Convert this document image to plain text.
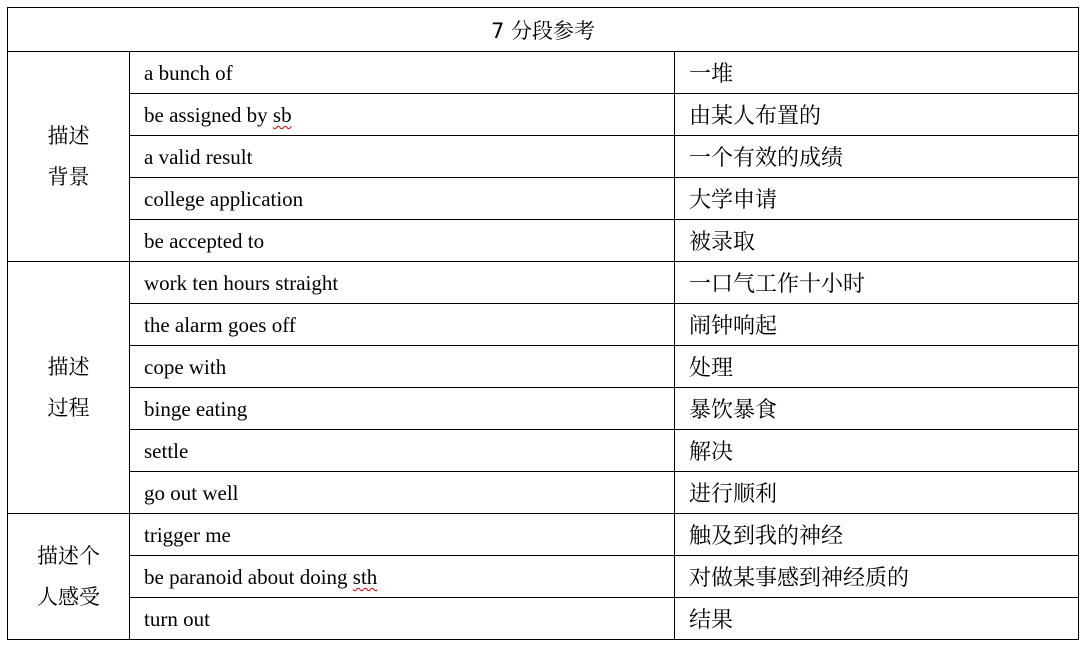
7 分段参考		

描述
背景	a bunch of	一堆
	be assigned by sb	由某人布置的
	a valid result	一个有效的成绩
	college application	大学申请
	be accepted to	被录取

描述
过程	work ten hours straight	一口气工作十小时
	the alarm goes off	闹钟响起
	cope with	处理
	binge eating	暴饮暴食
	settle	解决
	go out well	进行顺利

描述个
人感受	trigger me	触及到我的神经
	be paranoid about doing sth	对做某事感到神经质的
	turn out	结果
